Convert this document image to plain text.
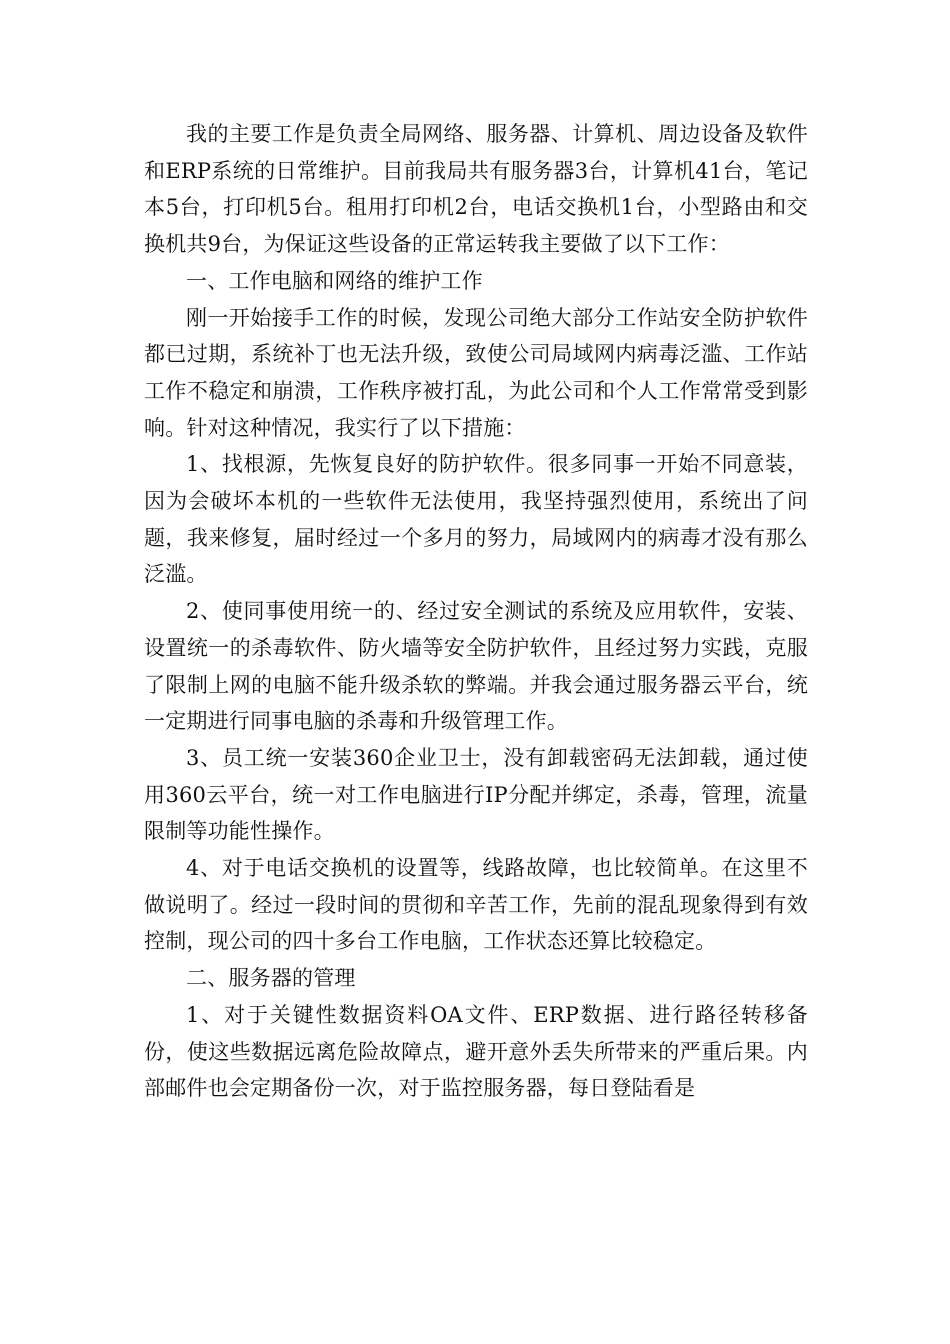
我的主要工作是负责全局网络、服务器、计算机、周边设备及软件和ERP系统的日常维护。目前我局共有服务器3台，计算机41台，笔记本5台，打印机5台。租用打印机2台，电话交换机1台，小型路由和交换机共9台，为保证这些设备的正常运转我主要做了以下工作：

一、工作电脑和网络的维护工作

刚一开始接手工作的时候，发现公司绝大部分工作站安全防护软件都已过期，系统补丁也无法升级，致使公司局域网内病毒泛滥、工作站工作不稳定和崩溃，工作秩序被打乱，为此公司和个人工作常常受到影响。针对这种情况，我实行了以下措施：

1、找根源，先恢复良好的防护软件。很多同事一开始不同意装，因为会破坏本机的一些软件无法使用，我坚持强烈使用，系统出了问题，我来修复，届时经过一个多月的努力，局域网内的病毒才没有那么泛滥。

2、使同事使用统一的、经过安全测试的系统及应用软件，安装、设置统一的杀毒软件、防火墙等安全防护软件，且经过努力实践，克服了限制上网的电脑不能升级杀软的弊端。并我会通过服务器云平台，统一定期进行同事电脑的杀毒和升级管理工作。

3、员工统一安装360企业卫士，没有卸载密码无法卸载，通过使用360云平台，统一对工作电脑进行IP分配并绑定，杀毒，管理，流量限制等功能性操作。

4、对于电话交换机的设置等，线路故障，也比较简单。在这里不做说明了。经过一段时间的贯彻和辛苦工作，先前的混乱现象得到有效控制，现公司的四十多台工作电脑，工作状态还算比较稳定。

二、服务器的管理

1、对于关键性数据资料OA文件、ERP数据、进行路径转移备份，使这些数据远离危险故障点，避开意外丢失所带来的严重后果。内部邮件也会定期备份一次，对于监控服务器，每日登陆看是
